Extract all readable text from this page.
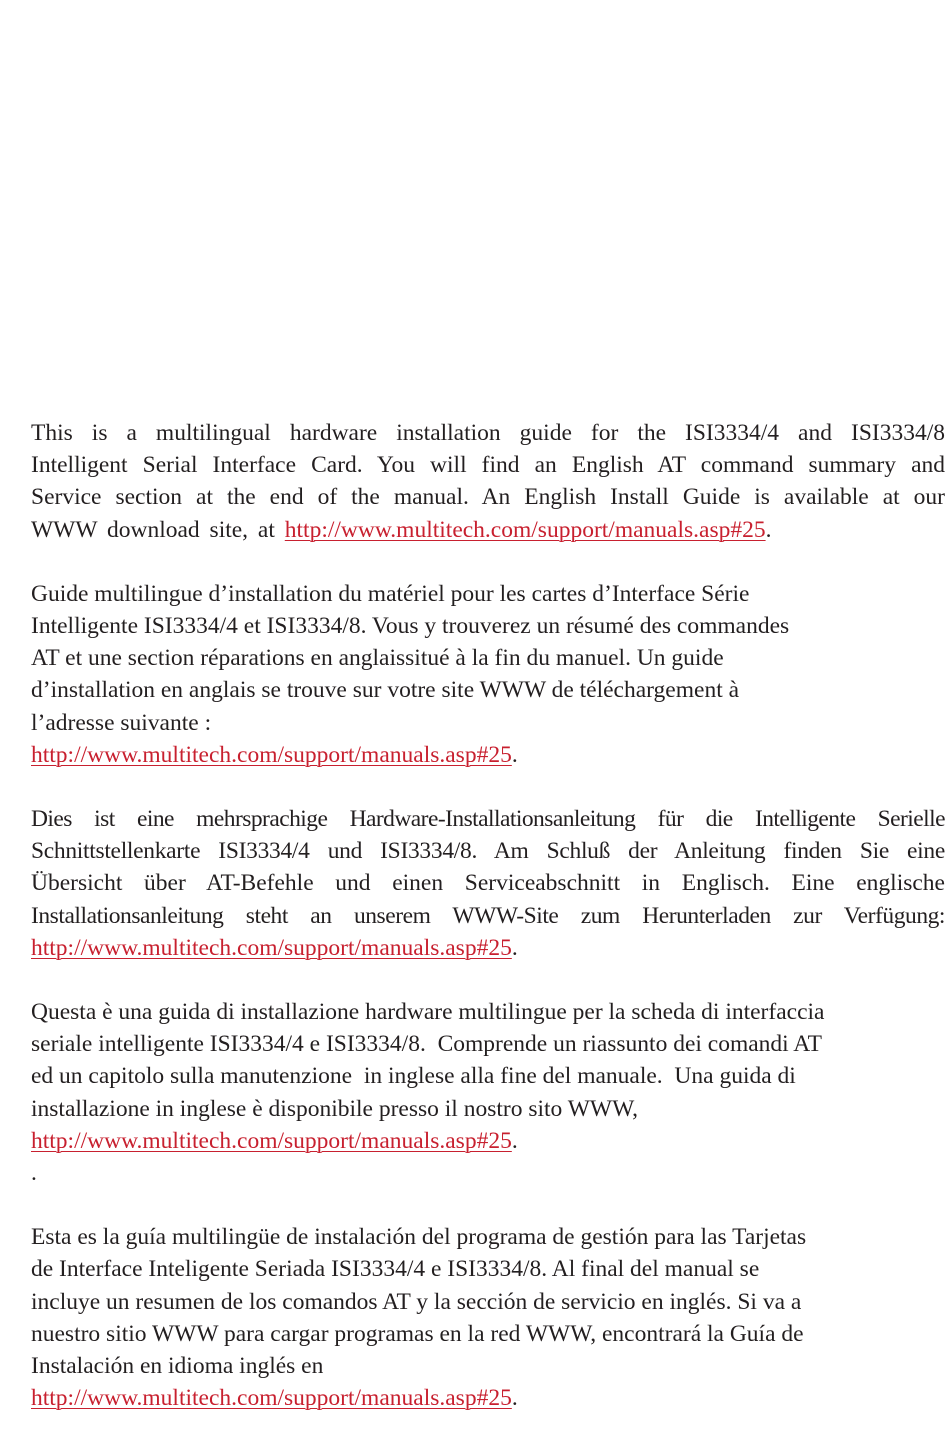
This is a multilingual hardware installation guide for the ISI3334/4 and ISI3334/8
Intelligent Serial Interface Card. You will find an English AT command summary and
Service section at the end of the manual. An English Install Guide is available at our
WWW download site, at http://www.multitech.com/support/manuals.asp#25.
Guide multilingue d’installation du matériel pour les cartes d’Interface Série
Intelligente ISI3334/4 et ISI3334/8. Vous y trouverez un résumé des commandes
AT et une section réparations en anglaissitué à la fin du manuel. Un guide
d’installation en anglais se trouve sur votre site WWW de téléchargement à
l’adresse suivante :
http://www.multitech.com/support/manuals.asp#25.
Dies ist eine mehrsprachige Hardware-Installationsanleitung für die Intelligente Serielle
Schnittstellenkarte ISI3334/4 und ISI3334/8. Am Schluß der Anleitung finden Sie eine
Übersicht über AT-Befehle und einen Serviceabschnitt in Englisch. Eine englische
Installationsanleitung steht an unserem WWW-Site zum Herunterladen zur Verfügung:
http://www.multitech.com/support/manuals.asp#25.
Questa è una guida di installazione hardware multilingue per la scheda di interfaccia
seriale intelligente ISI3334/4 e ISI3334/8.  Comprende un riassunto dei comandi AT
ed un capitolo sulla manutenzione  in inglese alla fine del manuale.  Una guida di
installazione in inglese è disponibile presso il nostro sito WWW,
http://www.multitech.com/support/manuals.asp#25.
.
Esta es la guía multilingüe de instalación del programa de gestión para las Tarjetas
de Interface Inteligente Seriada ISI3334/4 e ISI3334/8. Al final del manual se
incluye un resumen de los comandos AT y la sección de servicio en inglés. Si va a
nuestro sitio WWW para cargar programas en la red WWW, encontrará la Guía de
Instalación en idioma inglés en
http://www.multitech.com/support/manuals.asp#25.
